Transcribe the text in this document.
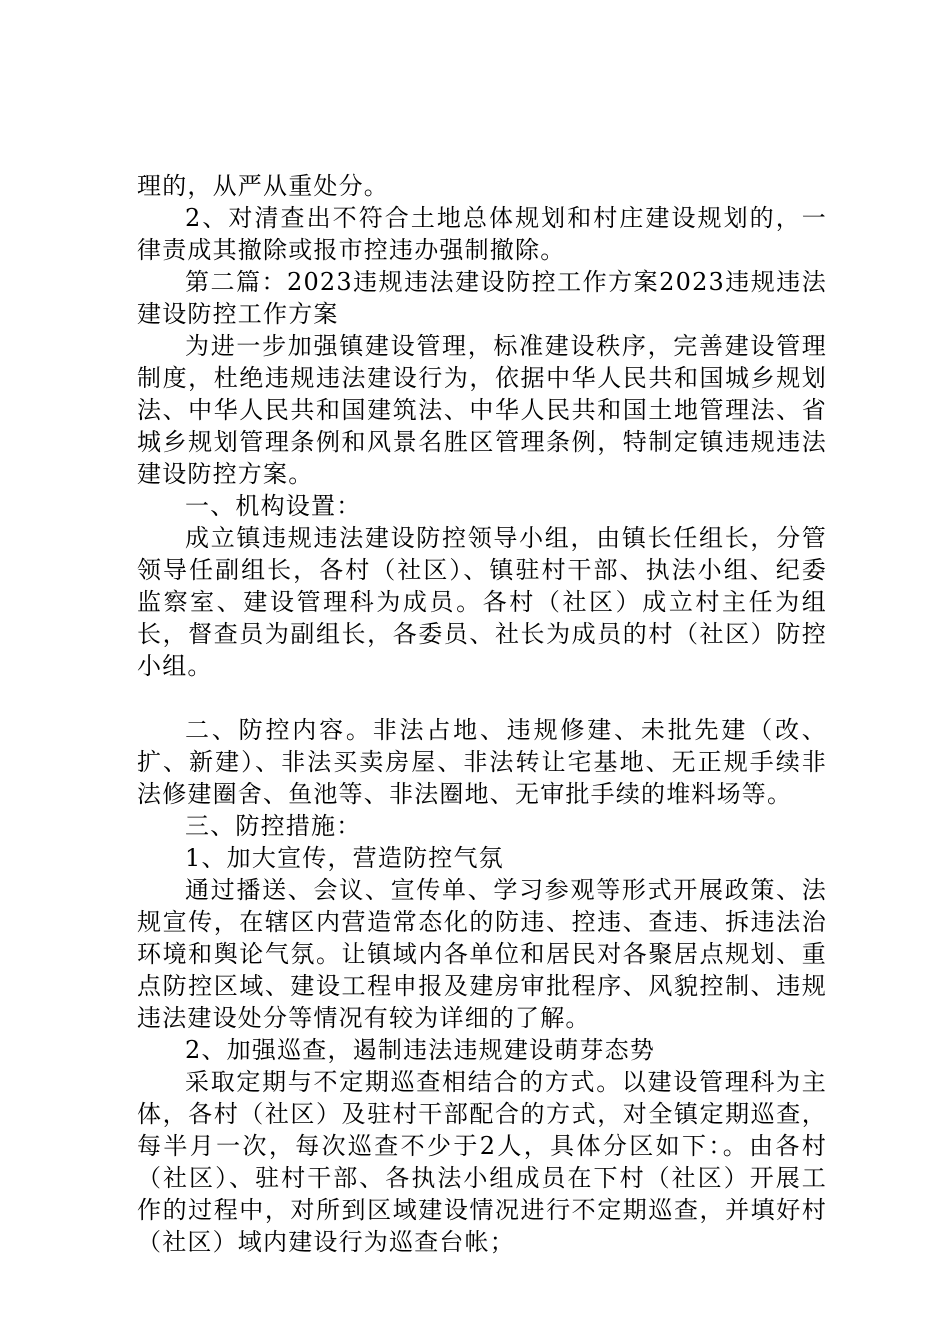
理的，从严从重处分。

2、对清查出不符合土地总体规划和村庄建设规划的，一律责成其撤除或报市控违办强制撤除。

第二篇：2023违规违法建设防控工作方案2023违规违法建设防控工作方案

为进一步加强镇建设管理，标准建设秩序，完善建设管理制度，杜绝违规违法建设行为，依据中华人民共和国城乡规划法、中华人民共和国建筑法、中华人民共和国土地管理法、省城乡规划管理条例和风景名胜区管理条例，特制定镇违规违法建设防控方案。

一、机构设置：

成立镇违规违法建设防控领导小组，由镇长任组长，分管领导任副组长，各村（社区）、镇驻村干部、执法小组、纪委监察室、建设管理科为成员。各村（社区）成立村主任为组长，督查员为副组长，各委员、社长为成员的村（社区）防控小组。

二、防控内容。非法占地、违规修建、未批先建（改、扩、新建）、非法买卖房屋、非法转让宅基地、无正规手续非法修建圈舍、鱼池等、非法圈地、无审批手续的堆料场等。

三、防控措施：

1、加大宣传，营造防控气氛

通过播送、会议、宣传单、学习参观等形式开展政策、法规宣传，在辖区内营造常态化的防违、控违、查违、拆违法治环境和舆论气氛。让镇域内各单位和居民对各聚居点规划、重点防控区域、建设工程申报及建房审批程序、风貌控制、违规违法建设处分等情况有较为详细的了解。

2、加强巡查，遏制违法违规建设萌芽态势

采取定期与不定期巡查相结合的方式。以建设管理科为主体，各村（社区）及驻村干部配合的方式，对全镇定期巡查，每半月一次，每次巡查不少于2人，具体分区如下：。由各村（社区）、驻村干部、各执法小组成员在下村（社区）开展工作的过程中，对所到区域建设情况进行不定期巡查，并填好村（社区）域内建设行为巡查台帐；
